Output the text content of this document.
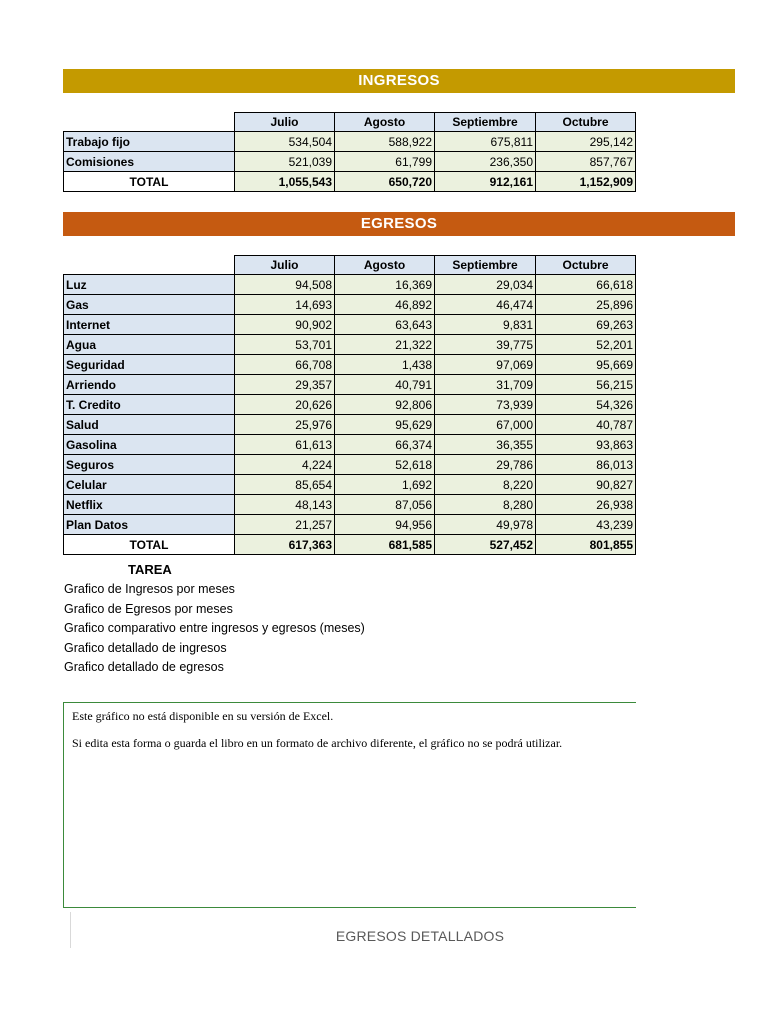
INGRESOS
	Julio	Agosto	Septiembre	Octubre
Trabajo fijo	534,504	588,922	675,811	295,142
Comisiones	521,039	61,799	236,350	857,767
TOTAL	1,055,543	650,720	912,161	1,152,909
EGRESOS
	Julio	Agosto	Septiembre	Octubre
Luz	94,508	16,369	29,034	66,618
Gas	14,693	46,892	46,474	25,896
Internet	90,902	63,643	9,831	69,263
Agua	53,701	21,322	39,775	52,201
Seguridad	66,708	1,438	97,069	95,669
Arriendo	29,357	40,791	31,709	56,215
T. Credito	20,626	92,806	73,939	54,326
Salud	25,976	95,629	67,000	40,787
Gasolina	61,613	66,374	36,355	93,863
Seguros	4,224	52,618	29,786	86,013
Celular	85,654	1,692	8,220	90,827
Netflix	48,143	87,056	8,280	26,938
Plan Datos	21,257	94,956	49,978	43,239
TOTAL	617,363	681,585	527,452	801,855
TAREA
Grafico de Ingresos por meses
Grafico de Egresos por meses
Grafico comparativo entre ingresos y egresos (meses)
Grafico detallado de ingresos
Grafico detallado de egresos

Este gráfico no está disponible en su versión de Excel.

Si edita esta forma o guarda el libro en un formato de archivo diferente, el gráfico no se podrá utilizar.

EGRESOS DETALLADOS
